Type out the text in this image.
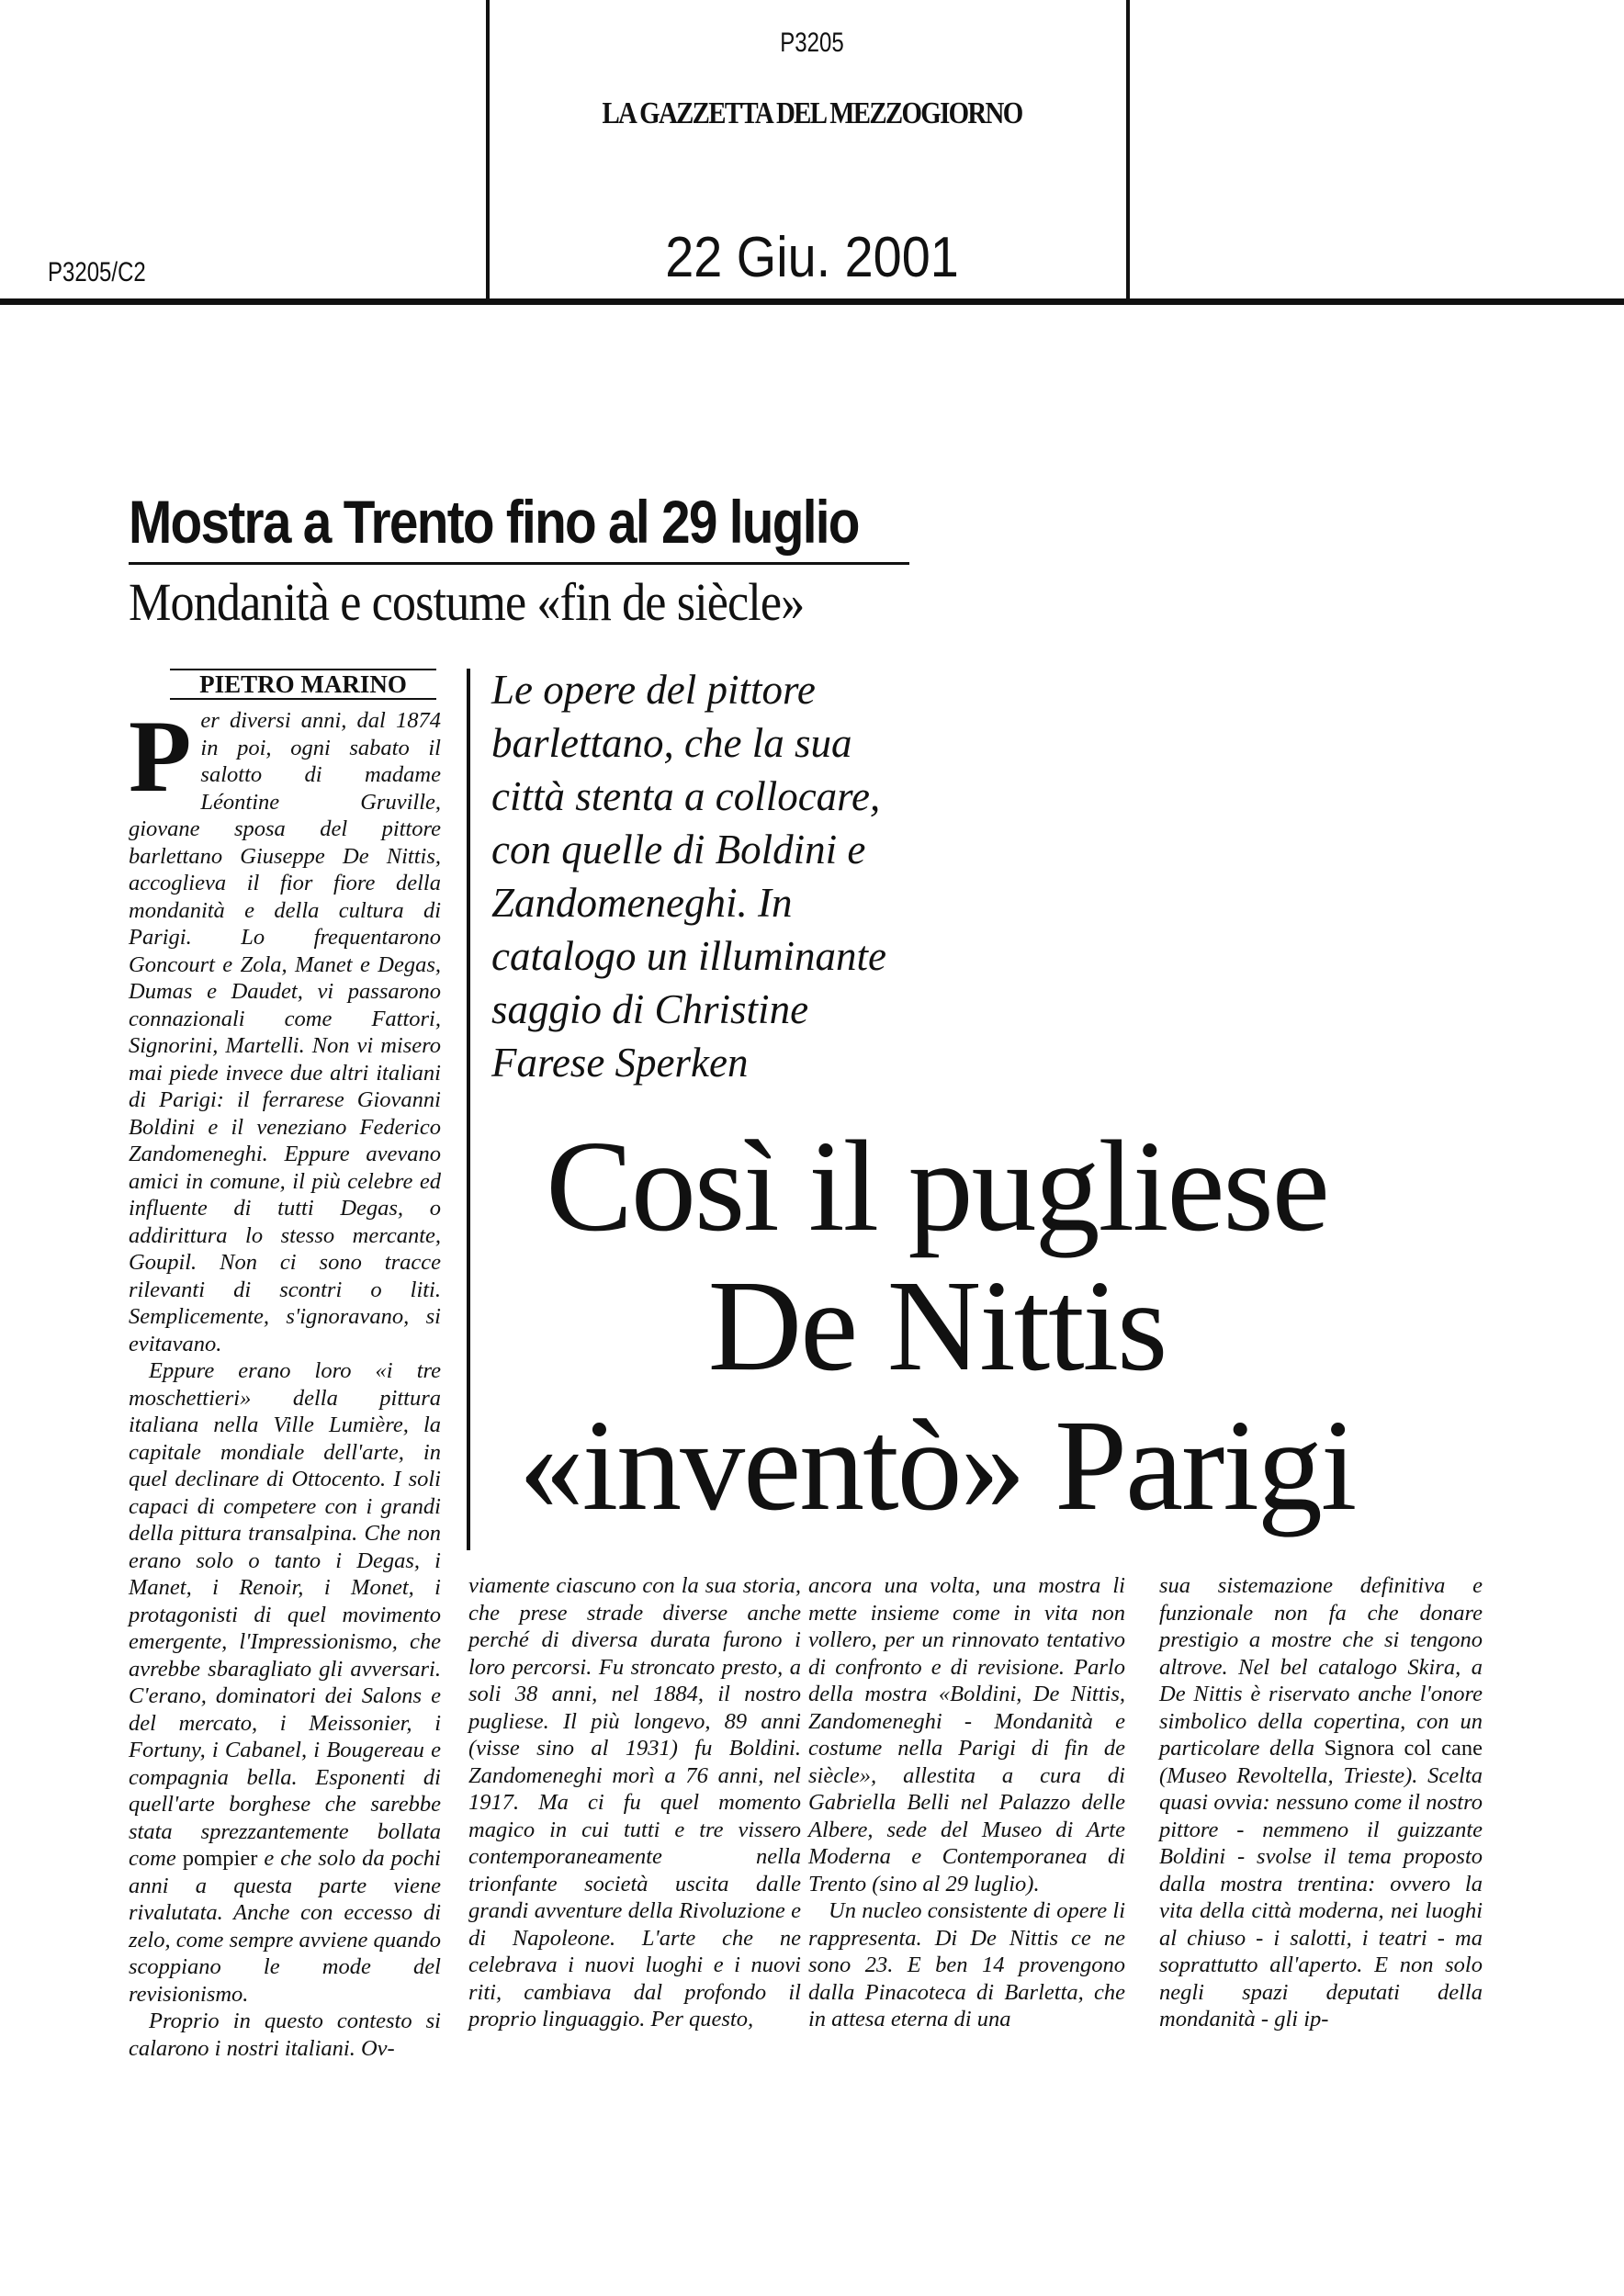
P3205
LA GAZZETTA DEL MEZZOGIORNO
22 Giu. 2001
P3205/C2
Mostra a Trento fino al 29 luglio
Mondanità e costume «fin de siècle»
PIETRO MARINO

Per diversi anni, dal 1874 in poi, ogni sabato il salotto di madame Léontine Gruville, giovane sposa del pittore barlettano Giuseppe De Nittis, accoglieva il fior fiore della mondanità e della cultura di Parigi. Lo frequentarono Goncourt e Zola, Manet e Degas, Dumas e Daudet, vi passarono connazionali come Fattori, Signorini, Martelli. Non vi misero mai piede invece due altri italiani di Parigi: il ferrarese Giovanni Boldini e il veneziano Federico Zandomeneghi. Eppure avevano amici in comune, il più celebre ed influente di tutti Degas, o addirittura lo stesso mercante, Goupil. Non ci sono tracce rilevanti di scontri o liti. Semplicemente, s'ignoravano, si evitavano.

Eppure erano loro «i tre moschettieri» della pittura italiana nella Ville Lumière, la capitale mondiale dell'arte, in quel declinare di Ottocento. I soli capaci di competere con i grandi della pittura transalpina. Che non erano solo o tanto i Degas, i Manet, i Renoir, i Monet, i protagonisti di quel movimento emergente, l'Impressionismo, che avrebbe sbaragliato gli avversari. C'erano, dominatori dei Salons e del mercato, i Meissonier, i Fortuny, i Cabanel, i Bougereau e compagnia bella. Esponenti di quell'arte borghese che sarebbe stata sprezzantemente bollata come pompier e che solo da pochi anni a questa parte viene rivalutata. Anche con eccesso di zelo, come sempre avviene quando scoppiano le mode del revisionismo.

Proprio in questo contesto si calarono i nostri italiani. Ov-

Le opere del pittore barlettano, che la sua città stenta a collocare, con quelle di Boldini e Zandomeneghi. In catalogo un illuminante saggio di Christine Farese Sperken
Così il pugliese
De Nittis
«inventò» Parigi

viamente ciascuno con la sua storia, che prese strade diverse anche perché di diversa durata furono i loro percorsi. Fu stroncato presto, a soli 38 anni, nel 1884, il nostro pugliese. Il più longevo, 89 anni (visse sino al 1931) fu Boldini. Zandomeneghi morì a 76 anni, nel 1917. Ma ci fu quel momento magico in cui tutti e tre vissero contemporaneamente nella trionfante società uscita dalle grandi avventure della Rivoluzione e di Napoleone. L'arte che ne celebrava i nuovi luoghi e i nuovi riti, cambiava dal profondo il proprio linguaggio. Per questo,

ancora una volta, una mostra li mette insieme come in vita non vollero, per un rinnovato tentativo di confronto e di revisione. Parlo della mostra «Boldini, De Nittis, Zandomeneghi - Mondanità e costume nella Parigi di fin de siècle», allestita a cura di Gabriella Belli nel Palazzo delle Albere, sede del Museo di Arte Moderna e Contemporanea di Trento (sino al 29 luglio).

Un nucleo consistente di opere li rappresenta. Di De Nittis ce ne sono 23. E ben 14 provengono dalla Pinacoteca di Barletta, che in attesa eterna di una

sua sistemazione definitiva e funzionale non fa che donare prestigio a mostre che si tengono altrove. Nel bel catalogo Skira, a De Nittis è riservato anche l'onore simbolico della copertina, con un particolare della Signora col cane (Museo Revoltella, Trieste). Scelta quasi ovvia: nessuno come il nostro pittore - nemmeno il guizzante Boldini - svolse il tema proposto dalla mostra trentina: ovvero la vita della città moderna, nei luoghi al chiuso - i salotti, i teatri - ma soprattutto all'aperto. E non solo negli spazi deputati della mondanità - gli ip-
